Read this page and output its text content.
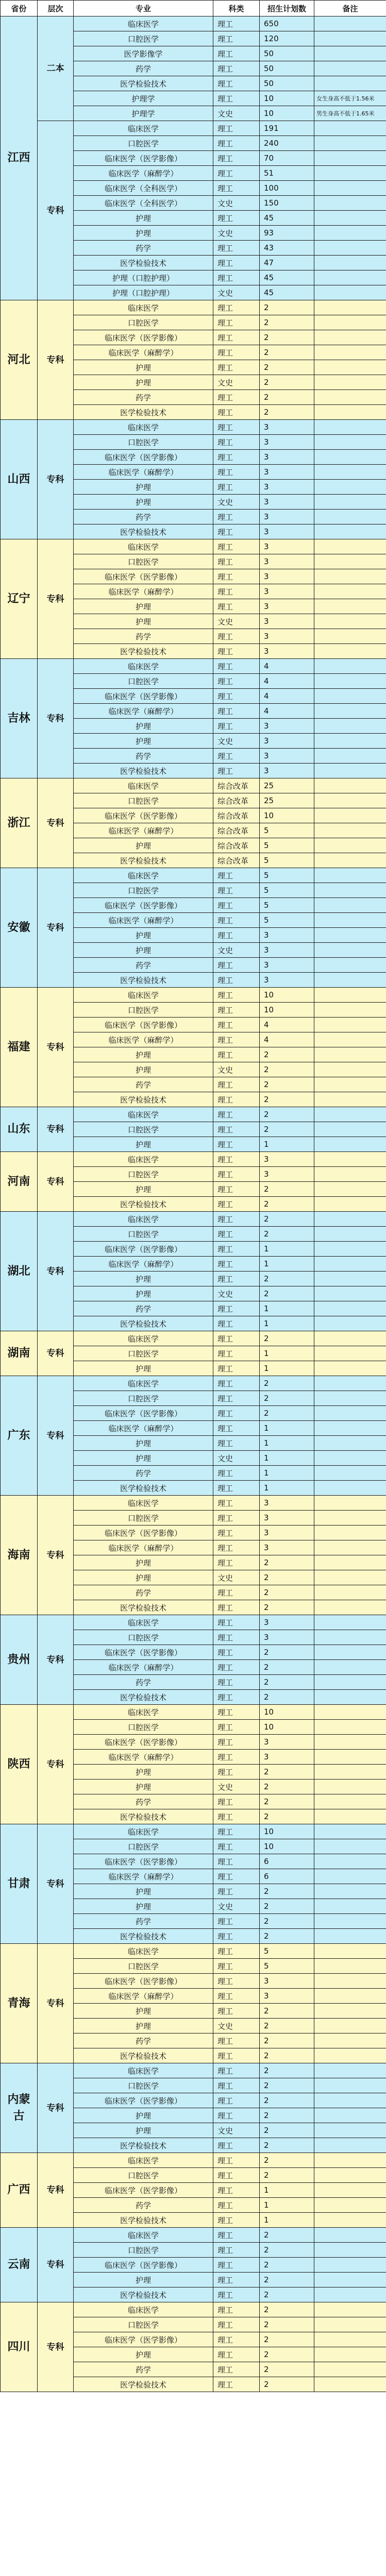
省份	层次	专业	科类	招生计划数	备注
江西	二本	临床医学	理工	650	
		口腔医学	理工	120	
		医学影像学	理工	50	
		药学	理工	50	
		医学检验技术	理工	50	
		护理学	理工	10	女生身高不低于1.56米
		护理学	文史	10	男生身高不低于1.65米
	专科	临床医学	理工	191	
		口腔医学	理工	240	
		临床医学（医学影像）	理工	70	
		临床医学（麻醉学）	理工	51	
		临床医学（全科医学）	理工	100	
		临床医学（全科医学）	文史	150	
		护理	理工	45	
		护理	文史	93	
		药学	理工	43	
		医学检验技术	理工	47	
		护理（口腔护理）	理工	45	
		护理（口腔护理）	文史	45	
河北	专科	临床医学	理工	2	
		口腔医学	理工	2	
		临床医学（医学影像）	理工	2	
		临床医学（麻醉学）	理工	2	
		护理	理工	2	
		护理	文史	2	
		药学	理工	2	
		医学检验技术	理工	2	
山西	专科	临床医学	理工	3	
		口腔医学	理工	3	
		临床医学（医学影像）	理工	3	
		临床医学（麻醉学）	理工	3	
		护理	理工	3	
		护理	文史	3	
		药学	理工	3	
		医学检验技术	理工	3	
辽宁	专科	临床医学	理工	3	
		口腔医学	理工	3	
		临床医学（医学影像）	理工	3	
		临床医学（麻醉学）	理工	3	
		护理	理工	3	
		护理	文史	3	
		药学	理工	3	
		医学检验技术	理工	3	
吉林	专科	临床医学	理工	4	
		口腔医学	理工	4	
		临床医学（医学影像）	理工	4	
		临床医学（麻醉学）	理工	4	
		护理	理工	3	
		护理	文史	3	
		药学	理工	3	
		医学检验技术	理工	3	
浙江	专科	临床医学	综合改革	25	
		口腔医学	综合改革	25	
		临床医学（医学影像）	综合改革	10	
		临床医学（麻醉学）	综合改革	5	
		护理	综合改革	5	
		医学检验技术	综合改革	5	
安徽	专科	临床医学	理工	5	
		口腔医学	理工	5	
		临床医学（医学影像）	理工	5	
		临床医学（麻醉学）	理工	5	
		护理	理工	3	
		护理	文史	3	
		药学	理工	3	
		医学检验技术	理工	3	
福建	专科	临床医学	理工	10	
		口腔医学	理工	10	
		临床医学（医学影像）	理工	4	
		临床医学（麻醉学）	理工	4	
		护理	理工	2	
		护理	文史	2	
		药学	理工	2	
		医学检验技术	理工	2	
山东	专科	临床医学	理工	2	
		口腔医学	理工	2	
		护理	理工	1	
河南	专科	临床医学	理工	3	
		口腔医学	理工	3	
		护理	理工	2	
		医学检验技术	理工	2	
湖北	专科	临床医学	理工	2	
		口腔医学	理工	2	
		临床医学（医学影像）	理工	1	
		临床医学（麻醉学）	理工	1	
		护理	理工	2	
		护理	文史	2	
		药学	理工	1	
		医学检验技术	理工	1	
湖南	专科	临床医学	理工	2	
		口腔医学	理工	1	
		护理	理工	1	
广东	专科	临床医学	理工	2	
		口腔医学	理工	2	
		临床医学（医学影像）	理工	2	
		临床医学（麻醉学）	理工	1	
		护理	理工	1	
		护理	文史	1	
		药学	理工	1	
		医学检验技术	理工	1	
海南	专科	临床医学	理工	3	
		口腔医学	理工	3	
		临床医学（医学影像）	理工	3	
		临床医学（麻醉学）	理工	3	
		护理	理工	2	
		护理	文史	2	
		药学	理工	2	
		医学检验技术	理工	2	
贵州	专科	临床医学	理工	3	
		口腔医学	理工	3	
		临床医学（医学影像）	理工	2	
		临床医学（麻醉学）	理工	2	
		药学	理工	2	
		医学检验技术	理工	2	
陕西	专科	临床医学	理工	10	
		口腔医学	理工	10	
		临床医学（医学影像）	理工	3	
		临床医学（麻醉学）	理工	3	
		护理	理工	2	
		护理	文史	2	
		药学	理工	2	
		医学检验技术	理工	2	
甘肃	专科	临床医学	理工	10	
		口腔医学	理工	10	
		临床医学（医学影像）	理工	6	
		临床医学（麻醉学）	理工	6	
		护理	理工	2	
		护理	文史	2	
		药学	理工	2	
		医学检验技术	理工	2	
青海	专科	临床医学	理工	5	
		口腔医学	理工	5	
		临床医学（医学影像）	理工	3	
		临床医学（麻醉学）	理工	3	
		护理	理工	2	
		护理	文史	2	
		药学	理工	2	
		医学检验技术	理工	2	
内蒙古	专科	临床医学	理工	2	
		口腔医学	理工	2	
		临床医学（医学影像）	理工	2	
		护理	理工	2	
		护理	文史	2	
		医学检验技术	理工	2	
广西	专科	临床医学	理工	2	
		口腔医学	理工	2	
		临床医学（医学影像）	理工	1	
		药学	理工	1	
		医学检验技术	理工	1	
云南	专科	临床医学	理工	2	
		口腔医学	理工	2	
		临床医学（医学影像）	理工	2	
		护理	理工	2	
		医学检验技术	理工	2	
四川	专科	临床医学	理工	2	
		口腔医学	理工	2	
		临床医学（医学影像）	理工	2	
		护理	理工	2	
		药学	理工	2	
		医学检验技术	理工	2	
